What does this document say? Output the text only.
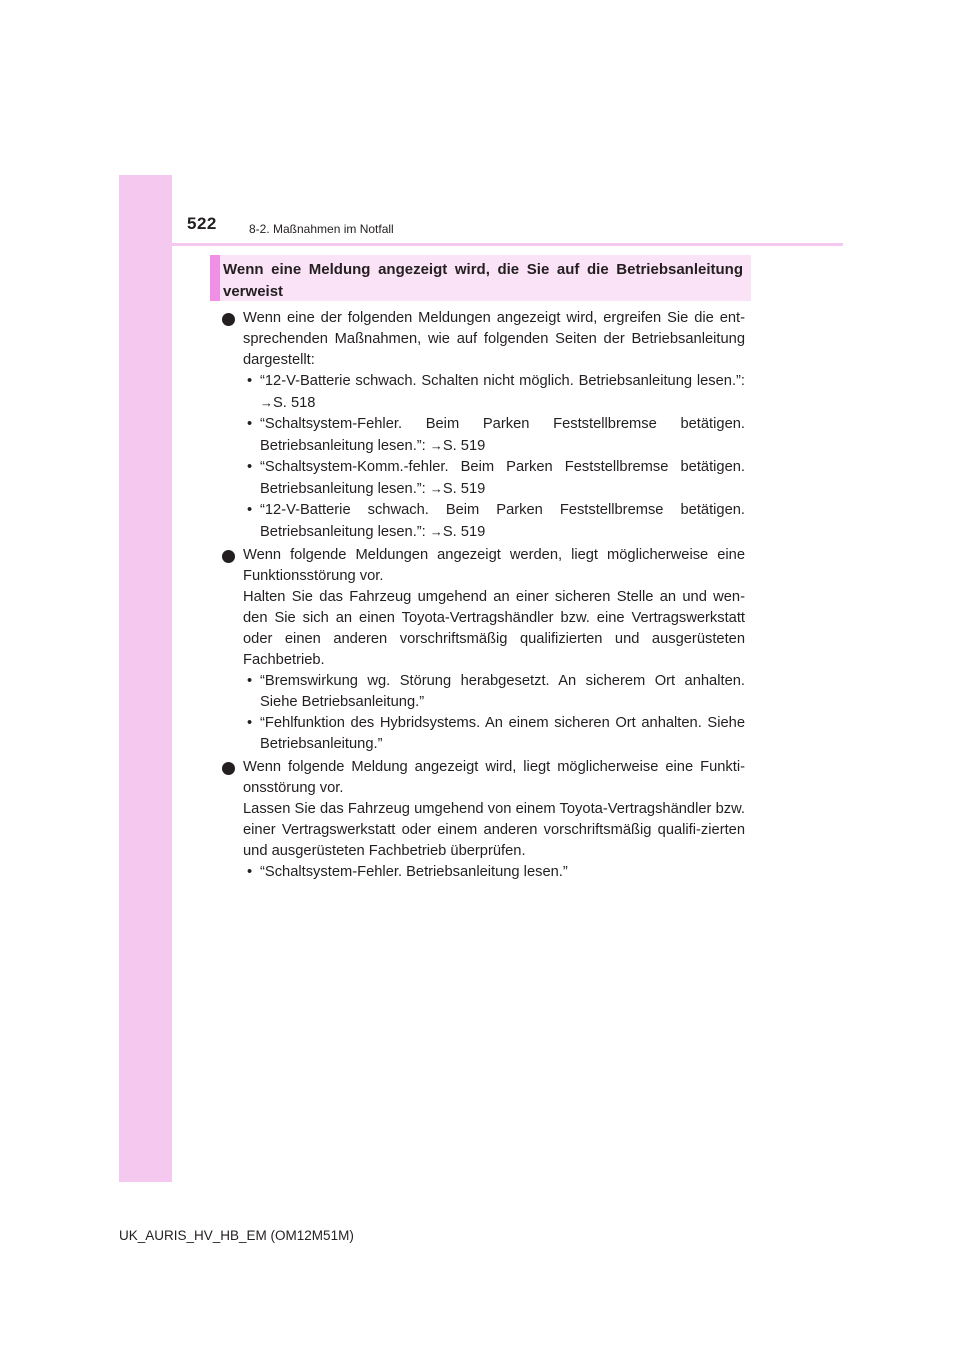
522	8-2. Maßnahmen im Notfall
Wenn eine Meldung angezeigt wird, die Sie auf die Betriebsanleitung verweist

Wenn eine der folgenden Meldungen angezeigt wird, ergreifen Sie die ent-sprechenden Maßnahmen, wie auf folgenden Seiten der Betriebsanleitung dargestellt:

• “12-V-Batterie schwach. Schalten nicht möglich. Betriebsanleitung lesen.”: →S. 518
• “Schaltsystem-Fehler. Beim Parken Feststellbremse betätigen. Betriebsanleitung lesen.”: →S. 519
• “Schaltsystem-Komm.-fehler. Beim Parken Feststellbremse betätigen. Betriebsanleitung lesen.”: →S. 519
• “12-V-Batterie schwach. Beim Parken Feststellbremse betätigen. Betriebsanleitung lesen.”: →S. 519

Wenn folgende Meldungen angezeigt werden, liegt möglicherweise eine Funktionsstörung vor.

Halten Sie das Fahrzeug umgehend an einer sicheren Stelle an und wen-den Sie sich an einen Toyota-Vertragshändler bzw. eine Vertragswerkstatt oder einen anderen vorschriftsmäßig qualifizierten und ausgerüsteten Fachbetrieb.

• “Bremswirkung wg. Störung herabgesetzt. An sicherem Ort anhalten. Siehe Betriebsanleitung.”
• “Fehlfunktion des Hybridsystems. An einem sicheren Ort anhalten. Siehe Betriebsanleitung.”

Wenn folgende Meldung angezeigt wird, liegt möglicherweise eine Funkti-onsstörung vor.

Lassen Sie das Fahrzeug umgehend von einem Toyota-Vertragshändler bzw. einer Vertragswerkstatt oder einem anderen vorschriftsmäßig qualifi-zierten und ausgerüsteten Fachbetrieb überprüfen.

• “Schaltsystem-Fehler. Betriebsanleitung lesen.”
UK_AURIS_HV_HB_EM (OM12M51M)
